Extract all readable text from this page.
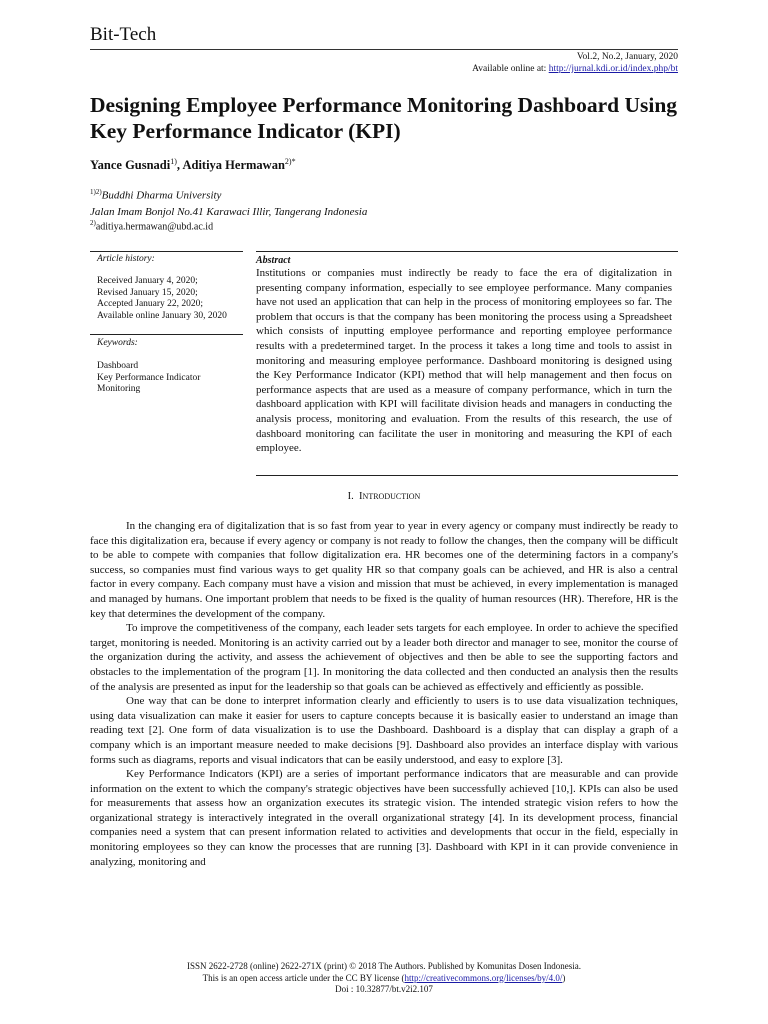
Bit-Tech
Vol.2, No.2, January, 2020
Available online at: http://jurnal.kdi.or.id/index.php/bt
Designing Employee Performance Monitoring Dashboard Using Key Performance Indicator (KPI)
Yance Gusnadi$^{1)}$, Aditiya Hermawan$^{2)*}$
$^{1)2)}$Buddhi Dharma University
Jalan Imam Bonjol No.41 Karawaci Illir, Tangerang Indonesia
$^{2)}$aditiya.hermawan@ubd.ac.id
Article history:
Received January 4, 2020;
Revised January 15, 2020;
Accepted January 22, 2020;
Available online January 30, 2020
Keywords:
Dashboard
Key Performance Indicator
Monitoring
Abstract
Institutions or companies must indirectly be ready to face the era of digitalization in presenting company information, especially to see employee performance. Many companies have not used an application that can help in the process of monitoring employees so far. The problem that occurs is that the company has been monitoring the process using a Spreadsheet which consists of inputting employee performance and reporting employee performance results with a predetermined target. In the process it takes a long time and tools to assist in monitoring and measuring employee performance. Dashboard monitoring is designed using the Key Performance Indicator (KPI) method that will help management and then focus on performance aspects that are used as a measure of company performance, which in turn the dashboard application with KPI will facilitate division heads and managers in conducting the analysis process, monitoring and evaluation. From the results of this research, the use of dashboard monitoring can facilitate the user in monitoring and measuring the KPI of each employee.
I. INTRODUCTION

In the changing era of digitalization that is so fast from year to year in every agency or company must indirectly be ready to face this digitalization era, because if every agency or company is not ready to follow the changes, then the company will be difficult to be able to compete with companies that follow digitalization era. HR becomes one of the determining factors in a company's success, so companies must find various ways to get quality HR so that company goals can be achieved, and HR is also a central factor in every company. Each company must have a vision and mission that must be achieved, in every implementation is managed and managed by humans. One important problem that needs to be fixed is the quality of human resources (HR). Therefore, HR is the key that determines the development of the company.

To improve the competitiveness of the company, each leader sets targets for each employee. In order to achieve the specified target, monitoring is needed. Monitoring is an activity carried out by a leader both director and manager to see, monitor the course of the organization during the activity, and assess the achievement of objectives and then be able to see the supporting factors and obstacles to the implementation of the program [1]. In monitoring the data collected and then conducted an analysis then the results of the analysis are presented as input for the leadership so that goals can be achieved as effectively and efficiently as possible.

One way that can be done to interpret information clearly and efficiently to users is to use data visualization techniques, using data visualization can make it easier for users to capture concepts because it is basically easier to understand an image than reading text [2]. One form of data visualization is to use the Dashboard. Dashboard is a display that can display a graph of a company which is an important measure needed to make decisions [9]. Dashboard also provides an interface display with various forms such as diagrams, reports and visual indicators that can be easily understood, and easy to explore [3].

Key Performance Indicators (KPI) are a series of important performance indicators that are measurable and can provide information on the extent to which the company's strategic objectives have been successfully achieved [10,]. KPIs can also be used for measurements that assess how an organization executes its strategic vision. The intended strategic vision refers to how the organizational strategy is interactively integrated in the overall organizational strategy [4]. In its development process, financial companies need a system that can present information related to activities and developments that occur in the field, especially in monitoring employees so they can know the processes that are running [3]. Dashboard with KPI in it can provide convenience in analyzing, monitoring and

ISSN 2622-2728 (online) 2622-271X (print) © 2018 The Authors. Published by Komunitas Dosen Indonesia.
This is an open access article under the CC BY license (http://creativecommons.org/licenses/by/4.0/)
Doi : 10.32877/bt.v2i2.107
